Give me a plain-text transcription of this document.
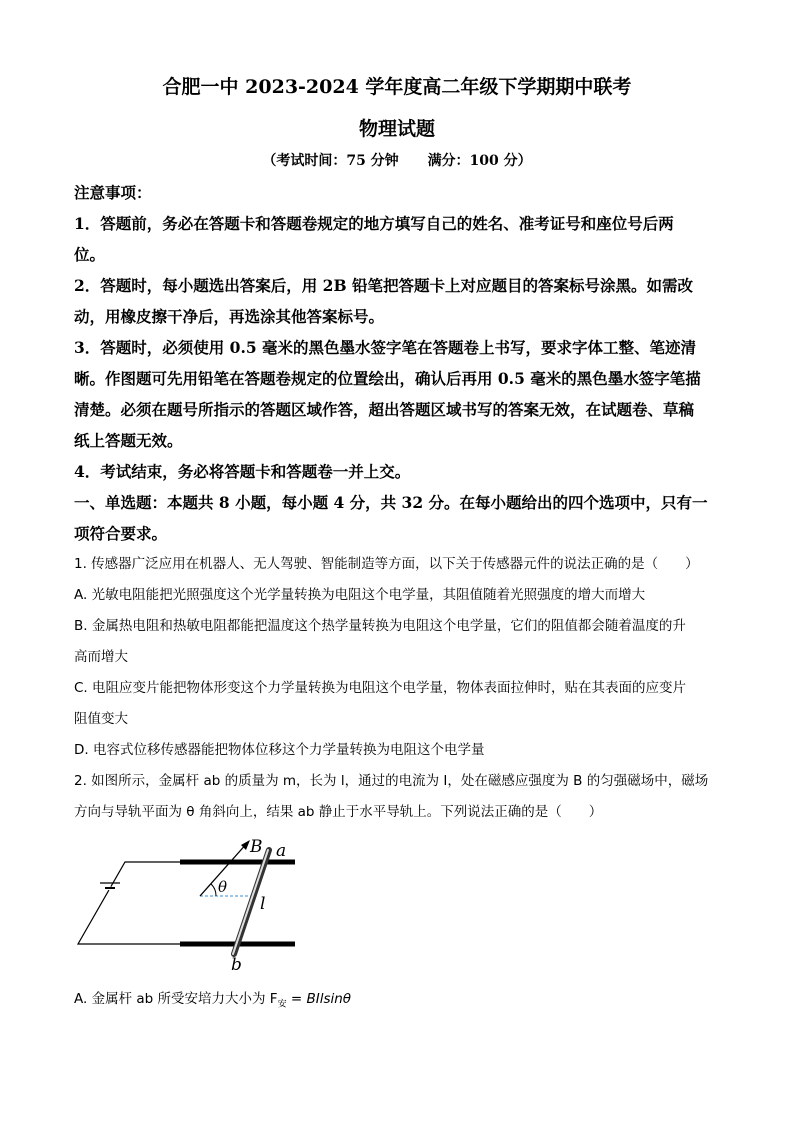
合肥一中 2023-2024 学年度高二年级下学期期中联考
物理试题
（考试时间：75 分钟 满分：100 分）
注意事项：
1．答题前，务必在答题卡和答题卷规定的地方填写自己的姓名、准考证号和座位号后两
位。
2．答题时，每小题选出答案后，用 2B 铅笔把答题卡上对应题目的答案标号涂黑。如需改
动，用橡皮擦干净后，再选涂其他答案标号。
3．答题时，必须使用 0.5 毫米的黑色墨水签字笔在答题卷上书写，要求字体工整、笔迹清
晰。作图题可先用铅笔在答题卷规定的位置绘出，确认后再用 0.5 毫米的黑色墨水签字笔描
清楚。必须在题号所指示的答题区域作答，超出答题区域书写的答案无效，在试题卷、草稿
纸上答题无效。
4．考试结束，务必将答题卡和答题卷一并上交。
一、单选题：本题共 8 小题，每小题 4 分，共 32 分。在每小题给出的四个选项中，只有一
项符合要求。
1. 传感器广泛应用在机器人、无人驾驶、智能制造等方面，以下关于传感器元件的说法正确的是（　　）
A. 光敏电阻能把光照强度这个光学量转换为电阻这个电学量，其阻值随着光照强度的增大而增大
B. 金属热电阻和热敏电阻都能把温度这个热学量转换为电阻这个电学量，它们的阻值都会随着温度的升
高而增大
C. 电阻应变片能把物体形变这个力学量转换为电阻这个电学量，物体表面拉伸时，贴在其表面的应变片
阻值变大
D. 电容式位移传感器能把物体位移这个力学量转换为电阻这个电学量
2. 如图所示，金属杆 ab 的质量为 m，长为 l，通过的电流为 I，处在磁感应强度为 B 的匀强磁场中，磁场
方向与导轨平面为 θ 角斜向上，结果 ab 静止于水平导轨上。下列说法正确的是（　　）
B a
θ
l
b
A. 金属杆 ab 所受安培力大小为 $F_安 = BIlsin\theta$
